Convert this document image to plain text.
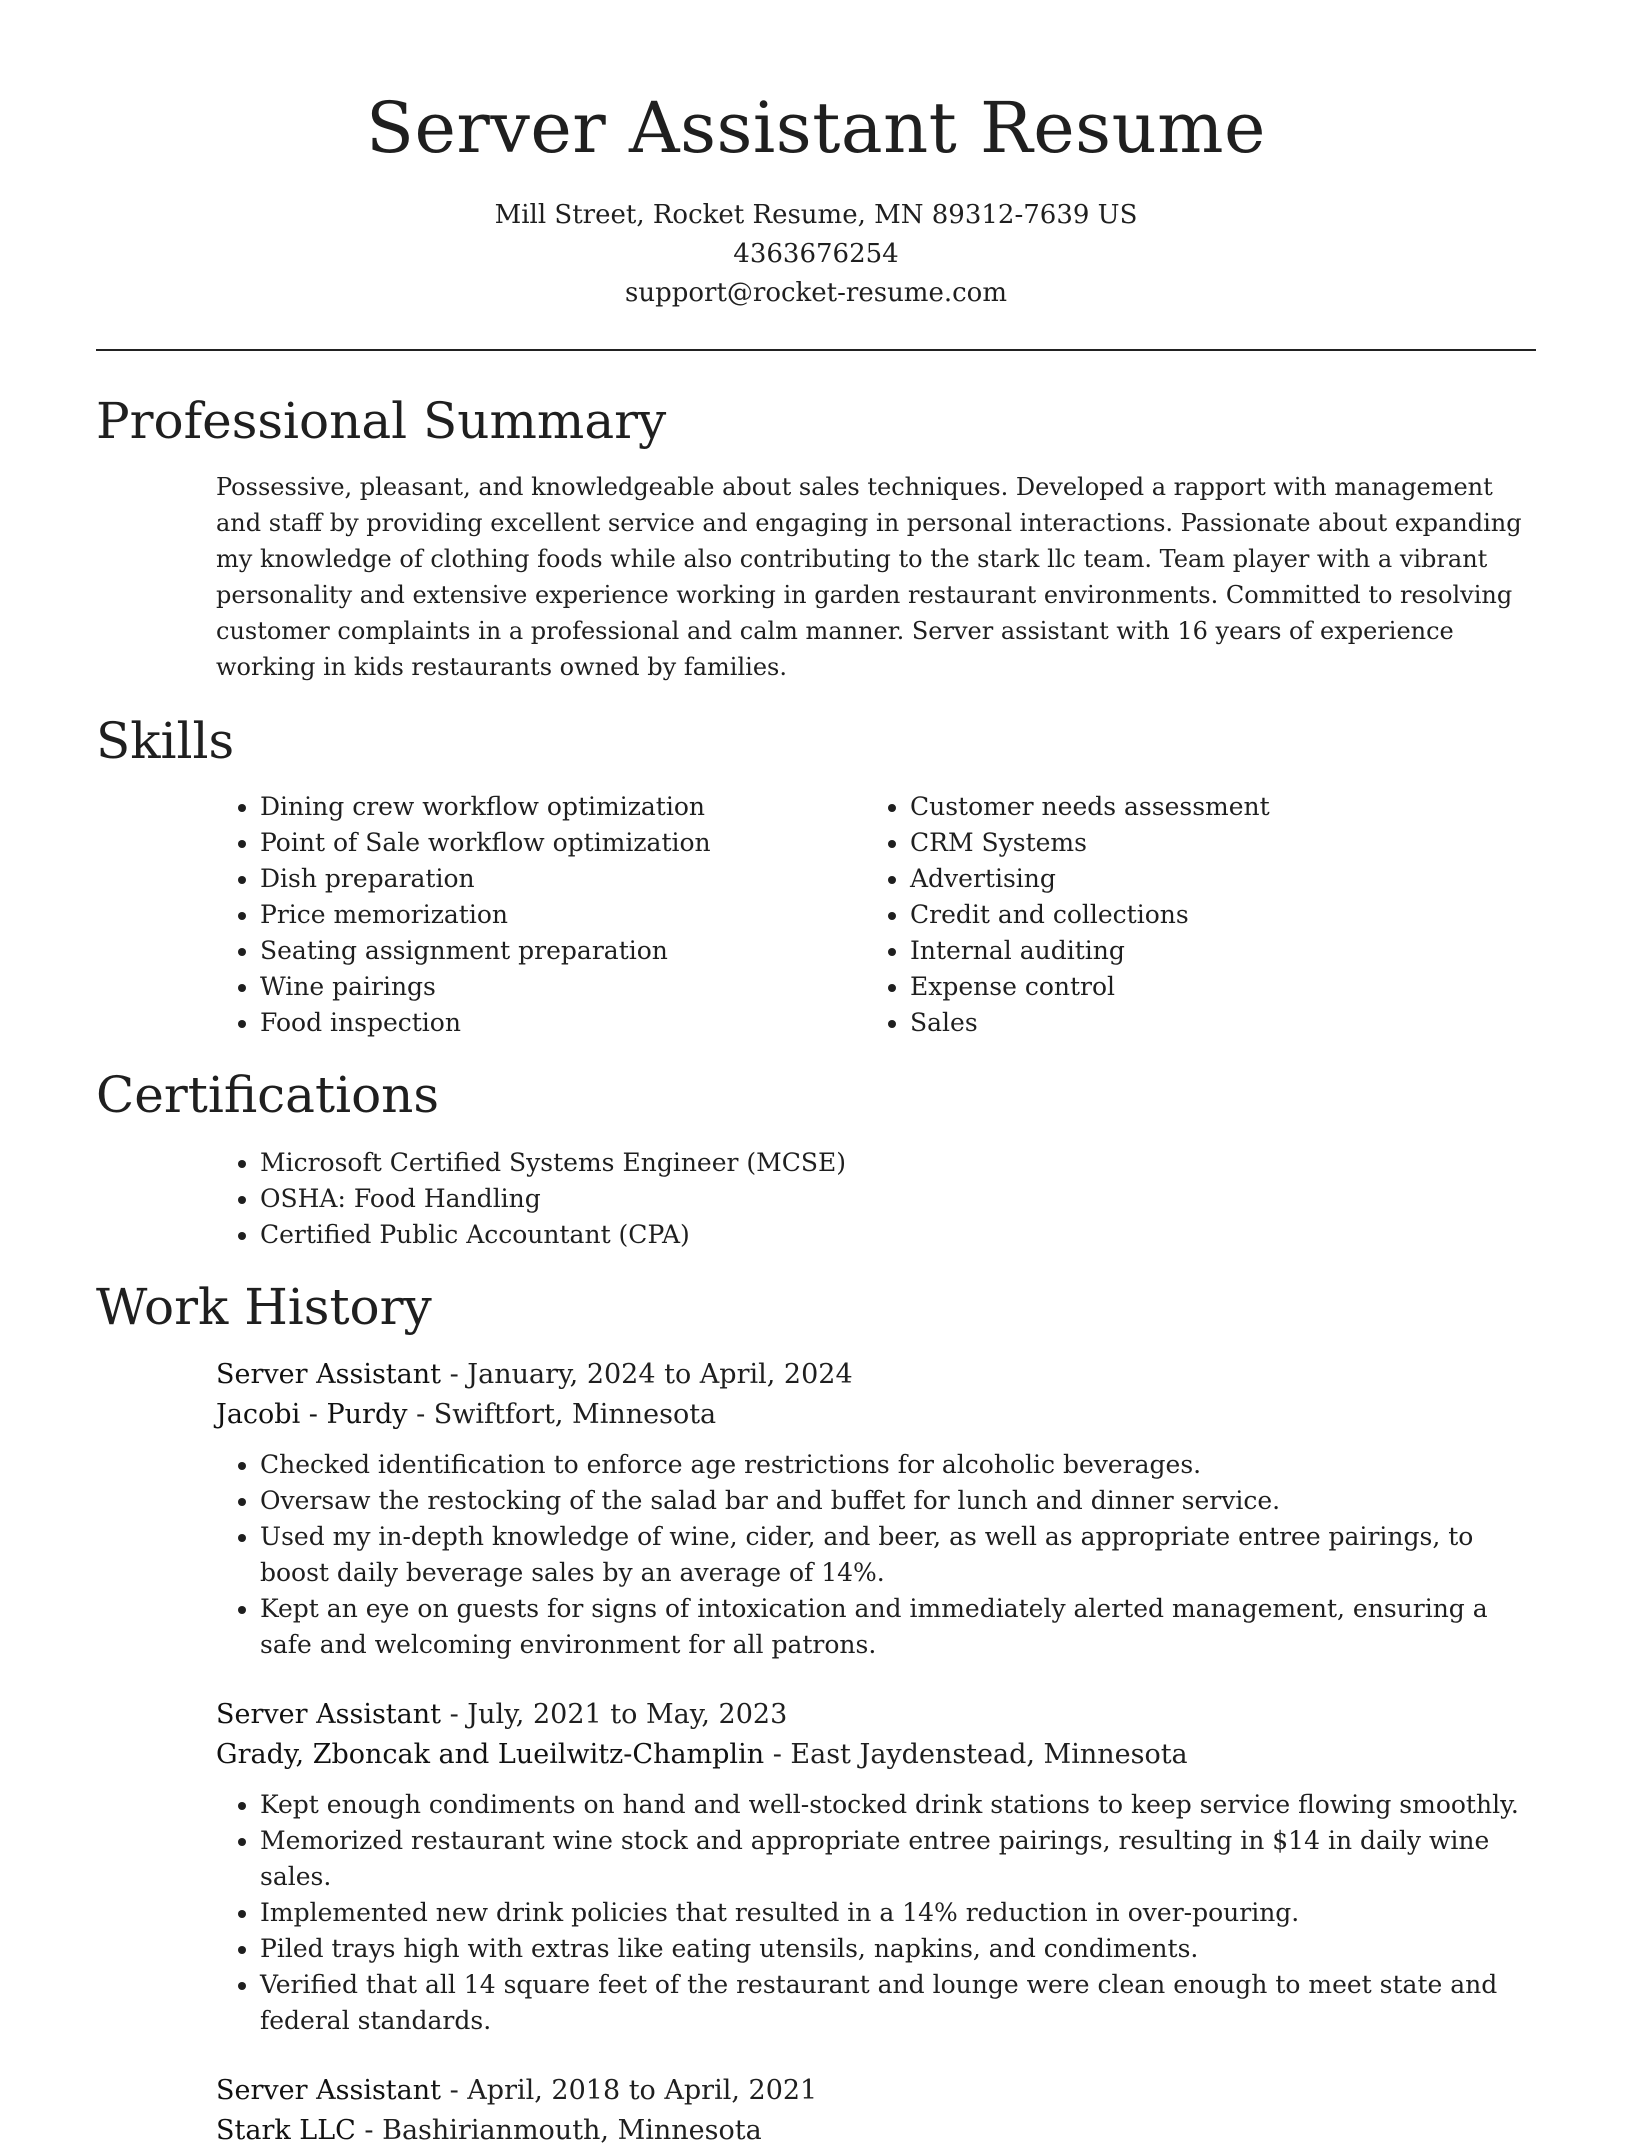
Server Assistant Resume
Mill Street, Rocket Resume, MN 89312-7639 US
4363676254
support@rocket-resume.com
Professional Summary

Possessive, pleasant, and knowledgeable about sales techniques. Developed a rapport with management and staff by providing excellent service and engaging in personal interactions. Passionate about expanding my knowledge of clothing foods while also contributing to the stark llc team. Team player with a vibrant personality and extensive experience working in garden restaurant environments. Committed to resolving customer complaints in a professional and calm manner. Server assistant with 16 years of experience working in kids restaurants owned by families.

Skills
• Dining crew workflow optimization
• Point of Sale workflow optimization
• Dish preparation
• Price memorization
• Seating assignment preparation
• Wine pairings
• Food inspection
• Customer needs assessment
• CRM Systems
• Advertising
• Credit and collections
• Internal auditing
• Expense control
• Sales
Certifications
• Microsoft Certified Systems Engineer (MCSE)
• OSHA: Food Handling
• Certified Public Accountant (CPA)
Work History
Server Assistant - January, 2024 to April, 2024
Jacobi - Purdy - Swiftfort, Minnesota
• Checked identification to enforce age restrictions for alcoholic beverages.
• Oversaw the restocking of the salad bar and buffet for lunch and dinner service.
• Used my in-depth knowledge of wine, cider, and beer, as well as appropriate entree pairings, to boost daily beverage sales by an average of 14%.
• Kept an eye on guests for signs of intoxication and immediately alerted management, ensuring a safe and welcoming environment for all patrons.
Server Assistant - July, 2021 to May, 2023
Grady, Zboncak and Lueilwitz-Champlin - East Jaydenstead, Minnesota
• Kept enough condiments on hand and well-stocked drink stations to keep service flowing smoothly.
• Memorized restaurant wine stock and appropriate entree pairings, resulting in $14 in daily wine sales.
• Implemented new drink policies that resulted in a 14% reduction in over-pouring.
• Piled trays high with extras like eating utensils, napkins, and condiments.
• Verified that all 14 square feet of the restaurant and lounge were clean enough to meet state and federal standards.
Server Assistant - April, 2018 to April, 2021
Stark LLC - Bashirianmouth, Minnesota
